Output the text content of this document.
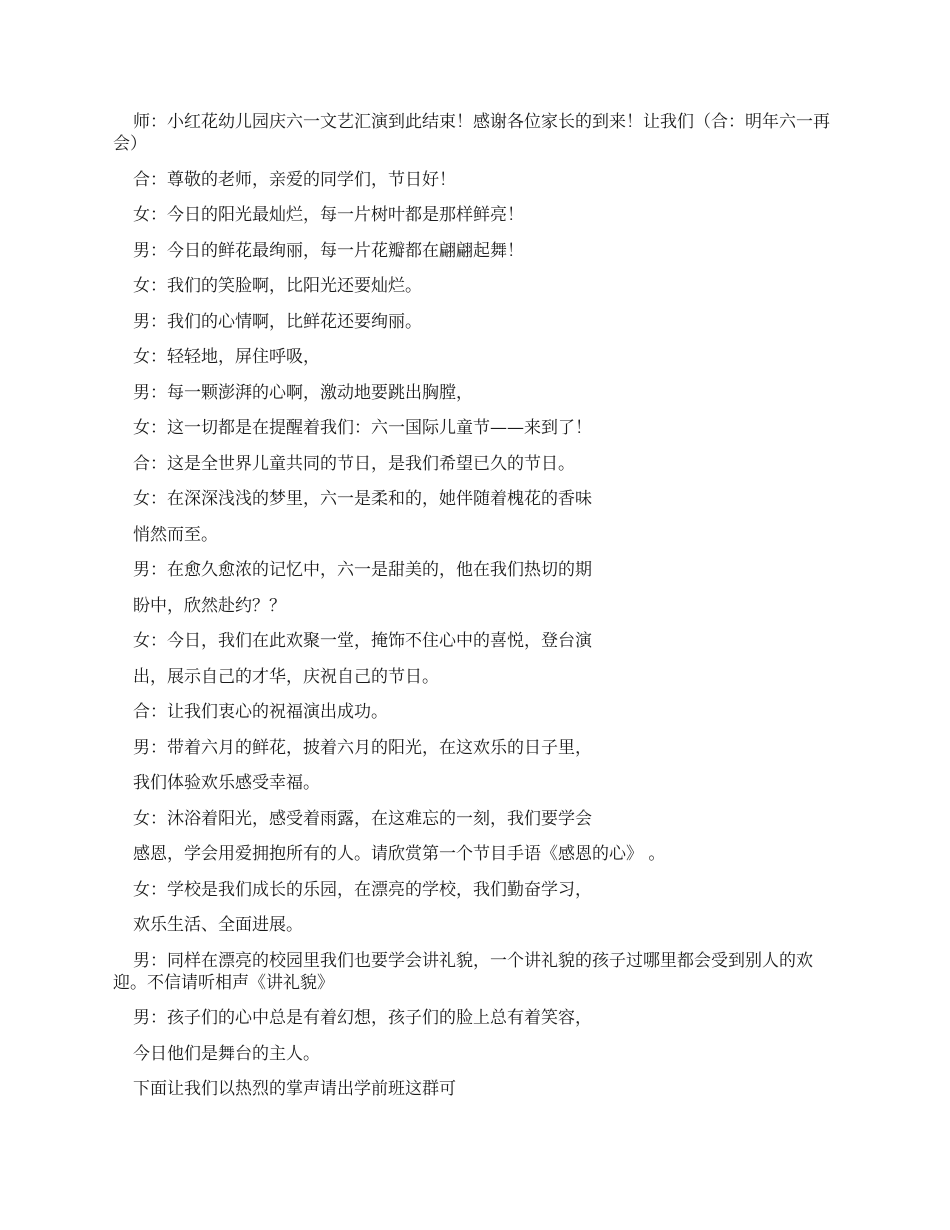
师：小红花幼儿园庆六一文艺汇演到此结束！感谢各位家长的到来！让我们（合：明年六一再会）

合：尊敬的老师，亲爱的同学们，节日好！

女：今日的阳光最灿烂，每一片树叶都是那样鲜亮！

男：今日的鲜花最绚丽，每一片花瓣都在翩翩起舞！

女：我们的笑脸啊，比阳光还要灿烂。

男：我们的心情啊，比鲜花还要绚丽。

女：轻轻地，屏住呼吸，

男：每一颗澎湃的心啊，激动地要跳出胸膛，

女：这一切都是在提醒着我们：六一国际儿童节——来到了！

合：这是全世界儿童共同的节日，是我们希望已久的节日。

女：在深深浅浅的梦里，六一是柔和的，她伴随着槐花的香味

悄然而至。

男：在愈久愈浓的记忆中，六一是甜美的，他在我们热切的期

盼中，欣然赴约？？

女：今日，我们在此欢聚一堂，掩饰不住心中的喜悦，登台演

出，展示自己的才华，庆祝自己的节日。

合：让我们衷心的祝福演出成功。

男：带着六月的鲜花，披着六月的阳光，在这欢乐的日子里，

我们体验欢乐感受幸福。

女：沐浴着阳光，感受着雨露，在这难忘的一刻，我们要学会

感恩，学会用爱拥抱所有的人。请欣赏第一个节目手语《感恩的心》 。

女：学校是我们成长的乐园，在漂亮的学校，我们勤奋学习，

欢乐生活、全面进展。

男：同样在漂亮的校园里我们也要学会讲礼貌，一个讲礼貌的孩子过哪里都会受到别人的欢迎。不信请听相声《讲礼貌》

男：孩子们的心中总是有着幻想，孩子们的脸上总有着笑容，

今日他们是舞台的主人。

下面让我们以热烈的掌声请出学前班这群可
